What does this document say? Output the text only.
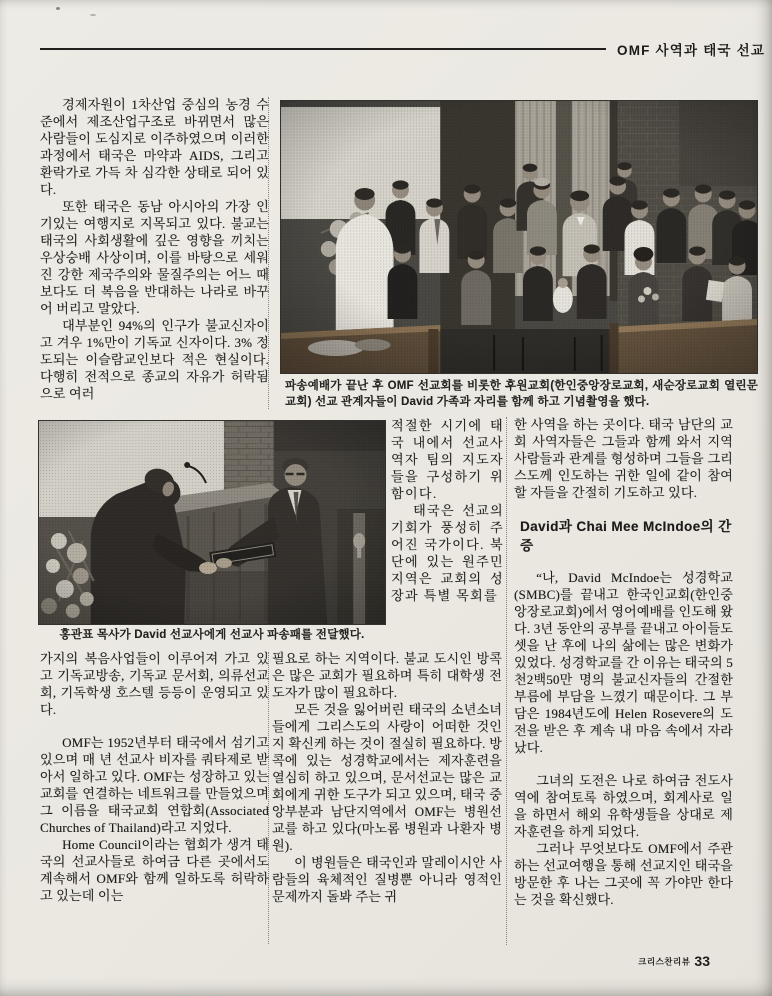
OMF 사역과 태국 선교

경제자원이 1차산업 중심의 농경 수준에서 제조산업구조로 바뀌면서 많은 사람들이 도심지로 이주하였으며 이러한 과정에서 태국은 마약과 AIDS, 그리고 환락가로 가득 차 심각한 상태로 되어 있다.

또한 태국은 동남 아시아의 가장 인기있는 여행지로 지목되고 있다. 불교는 태국의 사회생활에 깊은 영향을 끼치는 우상숭배 사상이며, 이를 바탕으로 세워진 강한 제국주의와 물질주의는 어느 때보다도 더 복음을 반대하는 나라로 바꾸어 버리고 말았다.

대부분인 94%의 인구가 불교신자이고 겨우 1%만이 기독교 신자이다. 3% 정도되는 이슬람교인보다 적은 현실이다. 다행히 전적으로 종교의 자유가 허락됨으로 여러	파송예배가 끝난 후 OMF 선교회를 비롯한 후원교회(한인중앙장로교회, 새순장로교회 열린문교회) 선교 관계자들이 David 가족과 자리를 함께 하고 기념촬영을 했다.

적절한 시기에 태국 내에서 선교사역자 팀의 지도자들을 구성하기 위함이다.

태국은 선교의 기회가 풍성히 주어진 국가이다. 북단에 있는 원주민 지역은 교회의 성장과 특별 목회를

한 사역을 하는 곳이다. 태국 남단의 교회 사역자들은 그들과 함께 와서 지역 사람들과 관계를 형성하며 그들을 그리스도께 인도하는 귀한 일에 같이 참여할 자들을 간절히 기도하고 있다.

David과 Chai Mee McIndoe의 간증

“나, David McIndoe는 성경학교(SMBC)를 끝내고 한국인교회(한인중앙장로교회)에서 영어예배를 인도해 왔다. 3년 동안의 공부를 끝내고 아이들도 셋을 난 후에 나의 삶에는 많은 변화가 있었다. 성경학교를 간 이유는 태국의 5천2백50만 명의 불교신자들의 간절한 부름에 부담을 느꼈기 때문이다. 그 부담은 1984년도에 Helen Rosevere의 도전을 받은 후 계속 내 마음 속에서 자라났다.

그녀의 도전은 나로 하여금 전도사역에 참여토록 하였으며, 회계사로 일을 하면서 해외 유학생들을 상대로 제자훈련을 하게 되었다.

그러나 무엇보다도 OMF에서 주관하는 선교여행을 통해 선교지인 태국을 방문한 후 나는 그곳에 꼭 가야만 한다는 것을 확신했다.

홍관표 목사가 David 선교사에게 선교사 파송패를 전달했다.

가지의 복음사업들이 이루어져 가고 있고 기독교방송, 기독교 문서회, 의류선교회, 기독학생 호스텔 등등이 운영되고 있다.

OMF는 1952년부터 태국에서 섬기고 있으며 매 년 선교사 비자를 쿼타제로 받아서 일하고 있다. OMF는 성장하고 있는 교회를 연결하는 네트워크를 만들었으며 그 이름을 태국교회 연합회(Associated Churches of Thailand)라고 지었다.

Home Council이라는 협회가 생겨 태국의 선교사들로 하여금 다른 곳에서도 계속해서 OMF와 함께 일하도록 허락하고 있는데 이는

필요로 하는 지역이다. 불교 도시인 방콕은 많은 교회가 필요하며 특히 대학생 전도자가 많이 필요하다.

모든 것을 잃어버린 태국의 소년소녀들에게 그리스도의 사랑이 어떠한 것인지 확신케 하는 것이 절실히 필요하다. 방콕에 있는 성경학교에서는 제자훈련을 열심히 하고 있으며, 문서선교는 많은 교회에게 귀한 도구가 되고 있으며, 태국 중앙부분과 남단지역에서 OMF는 병원선교를 하고 있다(마노롬 병원과 나환자 병원).

이 병원들은 태국인과 말레이시안 사람들의 육체적인 질병뿐 아니라 영적인 문제까지 돌봐 주는 귀

크리스찬리뷰 33
